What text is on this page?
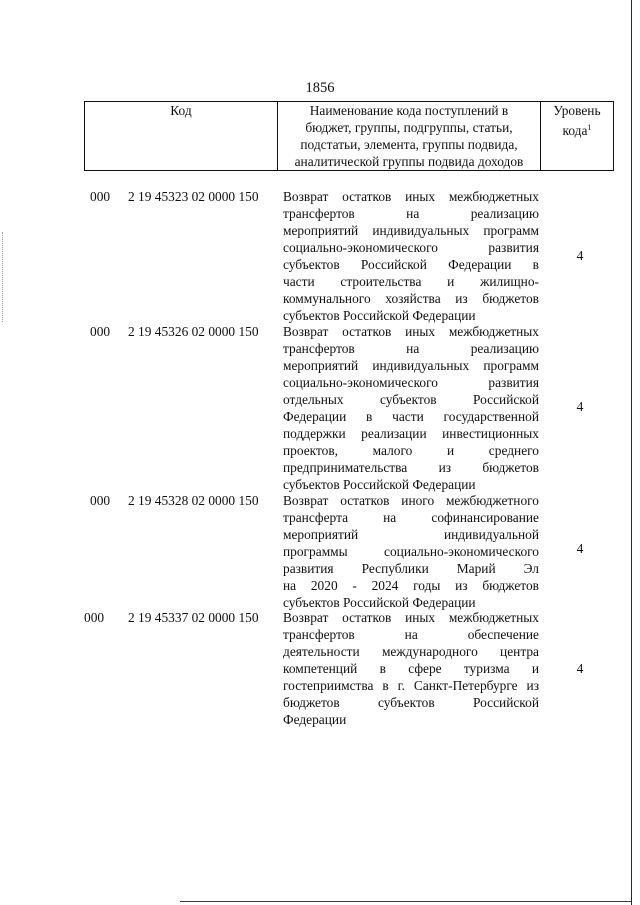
1856
Код	Наименование кода поступлений в
бюджет, группы, подгруппы, статьи,
подстатьи, элемента, группы подвида,
аналитической группы подвида доходов

Уровень
кода$^1$
000	2 19 45323 02 0000 150	Возврат остатков иных межбюджетных
трансфертов на реализацию
мероприятий индивидуальных программ
социально-экономического развития
субъектов Российской Федерации в
части строительства и жилищно-
коммунального хозяйства из бюджетов
субъектов Российской Федерации
4
000	2 19 45326 02 0000 150	Возврат остатков иных межбюджетных
трансфертов на реализацию
мероприятий индивидуальных программ
социально-экономического развития
отдельных субъектов Российской
Федерации в части государственной
поддержки реализации инвестиционных
проектов, малого и среднего
предпринимательства из бюджетов
субъектов Российской Федерации
4
000	2 19 45328 02 0000 150	Возврат остатков иного межбюджетного
трансферта на софинансирование
мероприятий индивидуальной
программы социально-экономического
развития Республики Марий Эл
на 2020 - 2024 годы из бюджетов
субъектов Российской Федерации
4
000	2 19 45337 02 0000 150	Возврат остатков иных межбюджетных
трансфертов на обеспечение
деятельности международного центра
компетенций в сфере туризма и
гостеприимства в г. Санкт-Петербурге из
бюджетов субъектов Российской
Федерации
4
